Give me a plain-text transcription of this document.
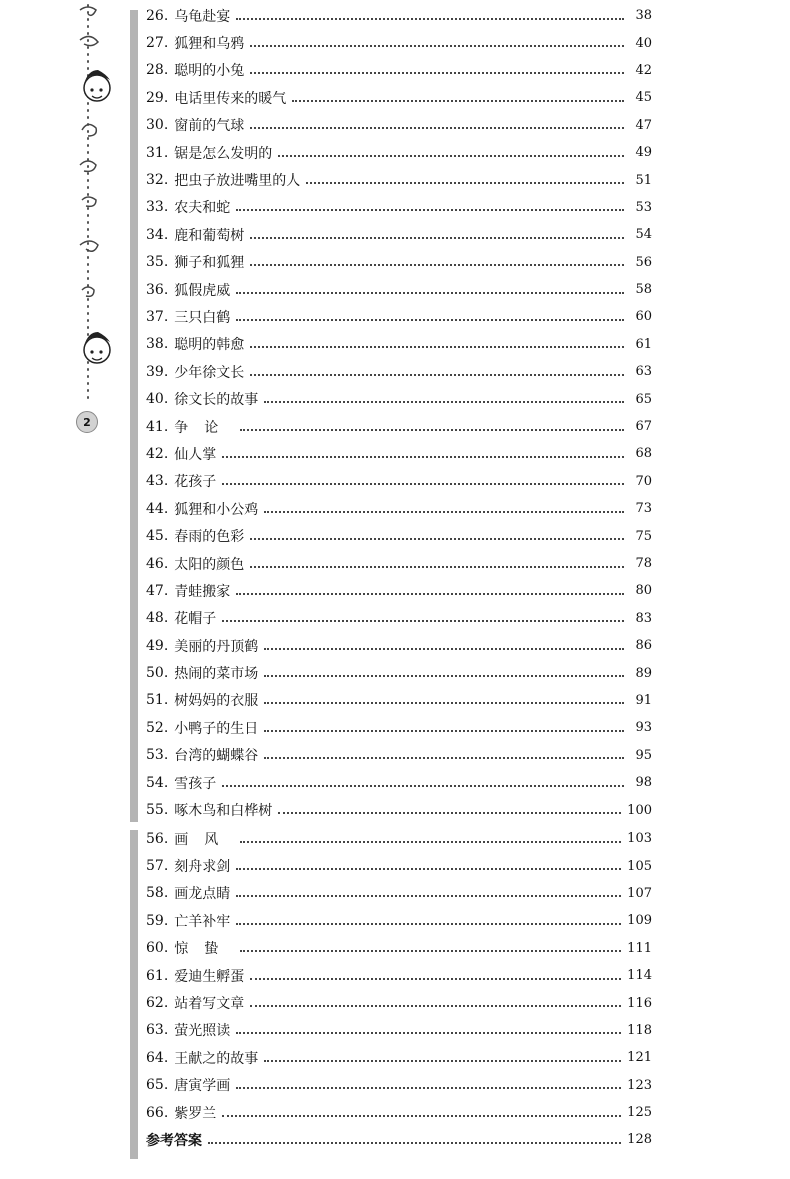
2
26. 乌龟赴宴	38
27. 狐狸和乌鸦	40
28. 聪明的小兔	42
29. 电话里传来的暖气	45
30. 窗前的气球	47
31. 锯是怎么发明的	49
32. 把虫子放进嘴里的人	51
33. 农夫和蛇	53
34. 鹿和葡萄树	54
35. 狮子和狐狸	56
36. 狐假虎威	58
37. 三只白鹤	60
38. 聪明的韩愈	61
39. 少年徐文长	63
40. 徐文长的故事	65
41. 争论	67
42. 仙人掌	68
43. 花孩子	70
44. 狐狸和小公鸡	73
45. 春雨的色彩	75
46. 太阳的颜色	78
47. 青蛙搬家	80
48. 花帽子	83
49. 美丽的丹顶鹤	86
50. 热闹的菜市场	89
51. 树妈妈的衣服	91
52. 小鸭子的生日	93
53. 台湾的蝴蝶谷	95
54. 雪孩子	98
55. 啄木鸟和白桦树	100
56. 画风	103
57. 刻舟求剑	105
58. 画龙点睛	107
59. 亡羊补牢	109
60. 惊蛰	111
61. 爱迪生孵蛋	114
62. 站着写文章	116
63. 萤光照读	118
64. 王献之的故事	121
65. 唐寅学画	123
66. 紫罗兰	125
参考答案	128
